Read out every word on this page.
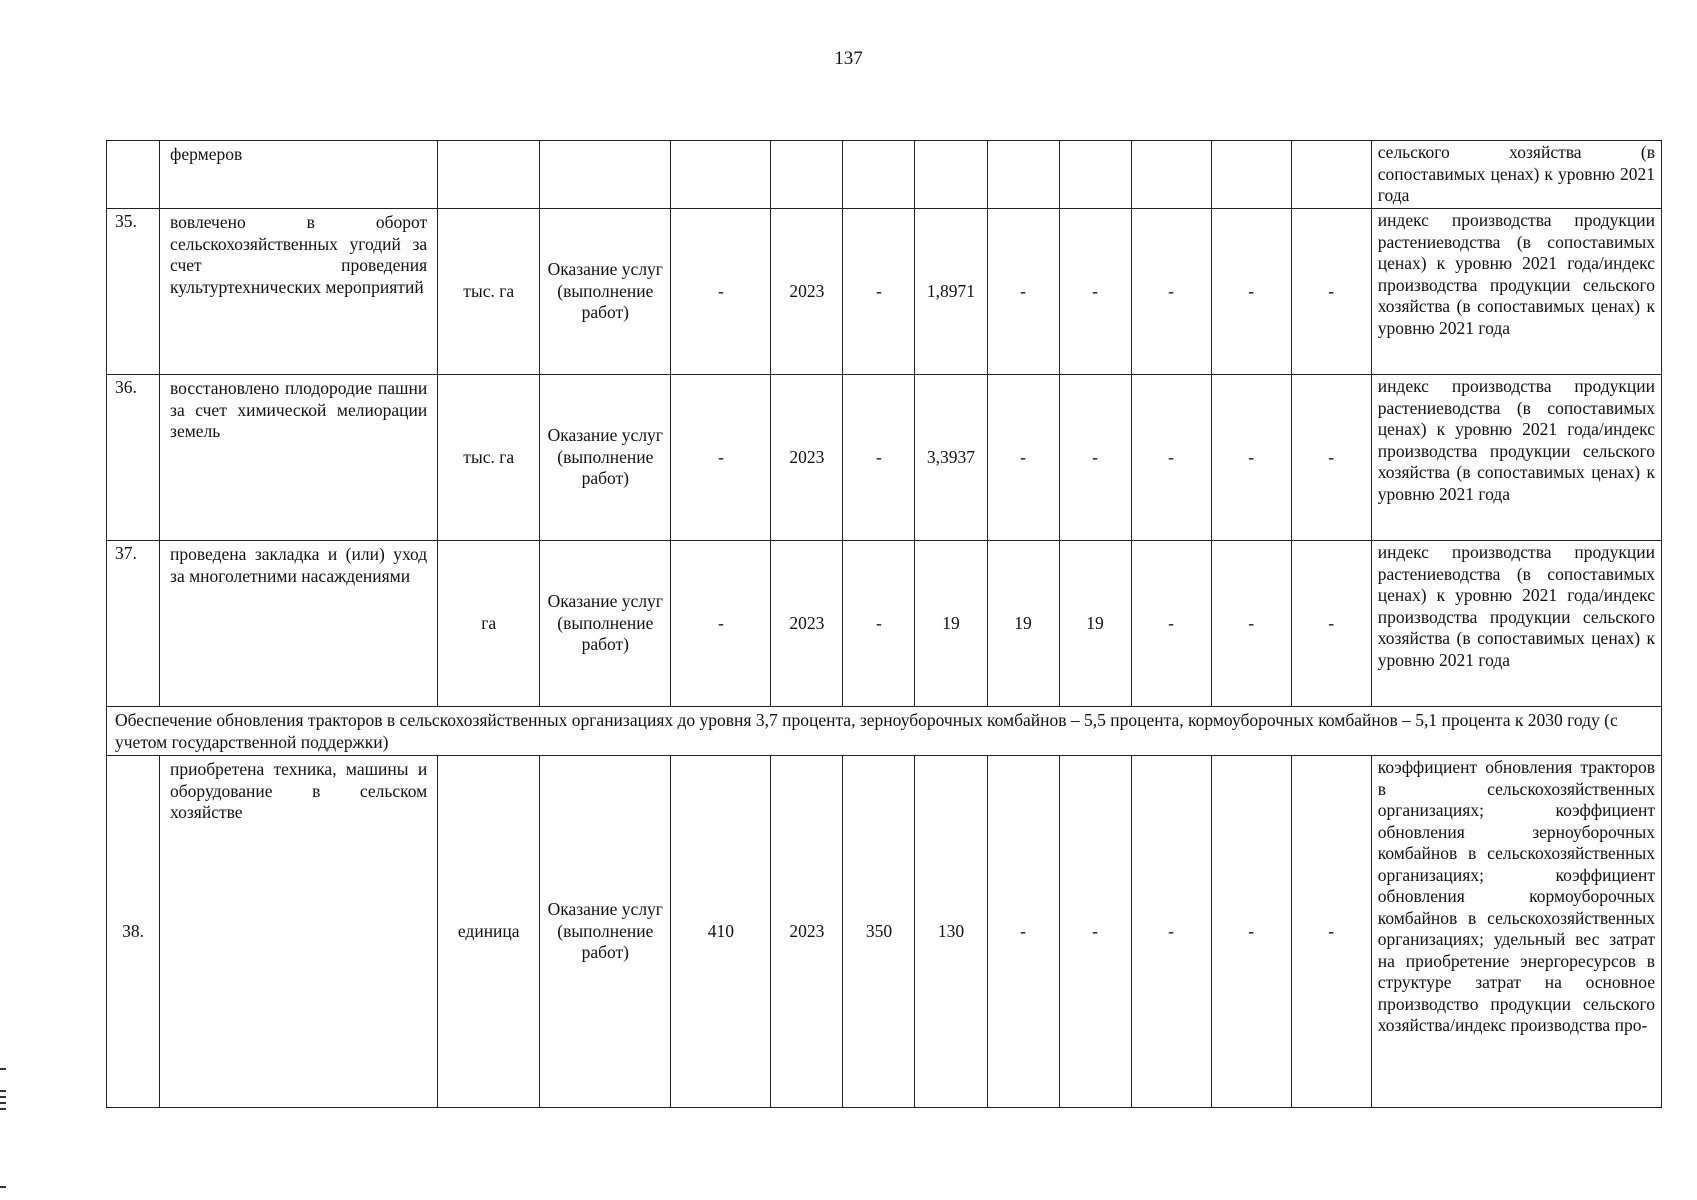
137
	фермеров												сельского хозяйства (в сопоставимых ценах) к уровню 2021 года
35.	вовлечено в оборот сельскохозяйственных угодий за счет проведения культуртехнических мероприятий	тыс. га	Оказание услуг (выполнение работ)	-	2023	-	1,8971	-	-	-	-	-	индекс производства продукции растениеводства (в сопоставимых ценах) к уровню 2021 года/индекс производства продукции сельского хозяйства (в сопоставимых ценах) к уровню 2021 года
36.	восстановлено плодородие пашни за счет химической мелиорации земель	тыс. га	Оказание услуг (выполнение работ)	-	2023	-	3,3937	-	-	-	-	-	индекс производства продукции растениеводства (в сопоставимых ценах) к уровню 2021 года/индекс производства продукции сельского хозяйства (в сопоставимых ценах) к уровню 2021 года
37.	проведена закладка и (или) уход за многолетними насаждениями	га	Оказание услуг (выполнение работ)	-	2023	-	19	19	19	-	-	-	индекс производства продукции растениеводства (в сопоставимых ценах) к уровню 2021 года/индекс производства продукции сельского хозяйства (в сопоставимых ценах) к уровню 2021 года
Обеспечение обновления тракторов в сельскохозяйственных организациях до уровня 3,7 процента, зерноуборочных комбайнов – 5,5 процента, кормоуборочных комбайнов – 5,1 процента к 2030 году (с учетом государственной поддержки)													
38.	приобретена техника, машины и оборудование в сельском хозяйстве	единица	Оказание услуг (выполнение работ)	410	2023	350	130	-	-	-	-	-	коэффициент обновления тракторов в сельскохозяйственных организациях; коэффициент обновления зерноуборочных комбайнов в сельскохозяйственных организациях; коэффициент обновления кормоуборочных комбайнов в сельскохозяйственных организациях; удельный вес затрат на приобретение энергоресурсов в структуре затрат на основное производство продукции сельского хозяйства/индекс производства про-
